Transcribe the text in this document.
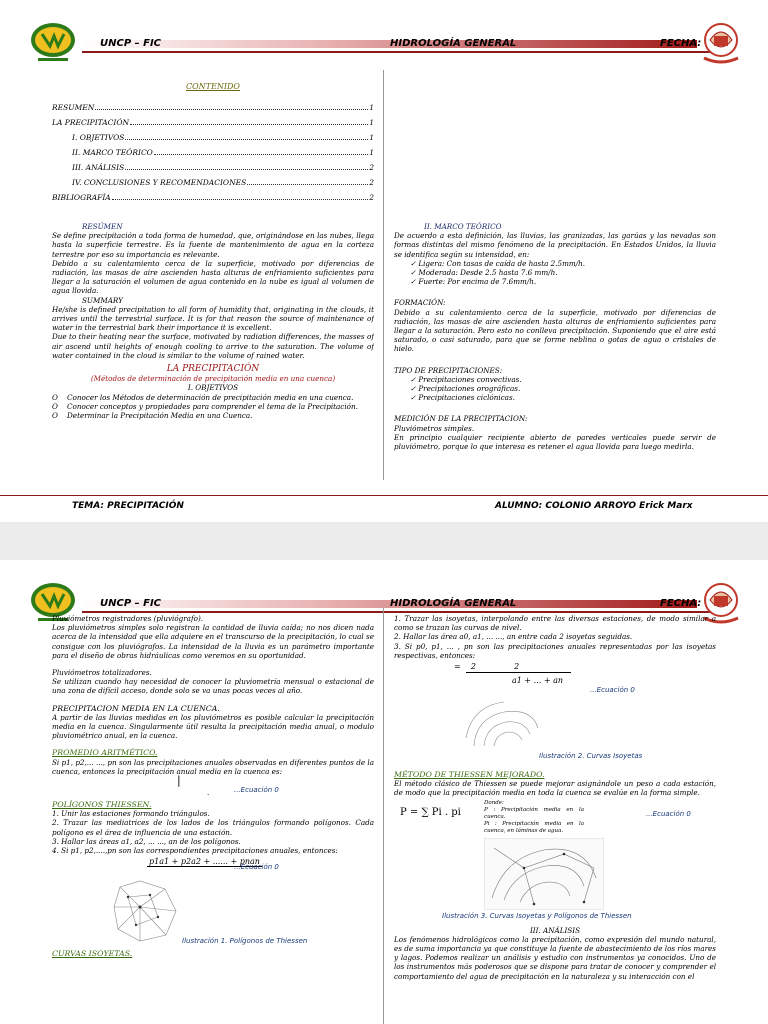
UNCP – FIC	HIDROLOGÍA GENERAL	FECHA:
CONTENIDO
RESUMEN	1
LA PRECIPITACIÓN	1
I. OBJETIVOS	1
II. MARCO TEÓRICO	1
III. ANÁLISIS	2
IV. CONCLUSIONES Y RECOMENDACIONES	2
BIBLIOGRAFÍA	2
RESÚMEN

Se define precipitación a toda forma de humedad, que, originándose en las nubes, llega hasta la superficie terrestre. Es la fuente de mantenimiento de agua en la corteza terrestre por eso su importancia es relevante.

Debido a su calentamiento cerca de la superficie, motivado por diferencias de radiación, las masas de aire ascienden hasta alturas de enfriamiento suficientes para llegar a la saturación el volumen de agua contenido en la nube es igual al volumen de agua llovida.

SUMMARY

He/she is defined precipitation to all form of humidity that, originating in the clouds, it arrives until the terrestrial surface. It is for that reason the source of maintenance of water in the terrestrial bark their importance it is excellent.

Due to their heating near the surface, motivated by radiation differences, the masses of air ascend until heights of enough cooling to arrive to the saturation. The volume of water contained in the cloud is similar to the volume of rained water.

LA PRECIPITACIÓN
(Métodos de determinación de precipitación media en una cuenca)
I. OBJETIVOS
O    Conocer los Métodos de determinación de precipitación media en una cuenca.
O    Conocer conceptos y propiedades para comprender el tema de la Precipitación.
O    Determinar la Precipitación Media en una Cuenca.
II. MARCO TEÓRICO

De acuerdo a esta definición, las lluvias, las granizadas, las garúas y las nevadas son formas distintas del mismo fenómeno de la precipitación. En Estados Unidos, la lluvia se identifica según su intensidad, en:

✓ Ligera: Con tasas de caída de hasta 2.5mm/h.
✓ Moderada: Desde 2.5 hasta 7.6 mm/h.
✓ Fuerte: Por encima de 7.6mm/h.
FORMACIÓN:

Debido a su calentamiento cerca de la superficie, motivado por diferencias de radiación, las masas de aire ascienden hasta alturas de enfriamiento suficientes para llegar a la saturación. Pero esto no conlleva precipitación. Suponiendo que el aire está saturado, o casi saturado, para que se forme neblina o gotas de agua o cristales de hielo.

TIPO DE PRECIPITACIONES:
✓ Precipitaciones convectivas.
✓ Precipitaciones orográficas.
✓ Precipitaciones ciclónicas.
MEDICIÓN DE LA PRECIPITACION:
Pluviómetros simples.

En principio cualquier recipiente abierto de paredes verticales puede servir de pluviómetro, porque lo que interesa es retener el agua llovida para luego medirla.

TEMA: PRECIPITACIÓN	ALUMNO: COLONIO ARROYO Erick Marx
UNCP – FIC	HIDROLOGÍA GENERAL	FECHA:
Pluviómetros registradores (pluviógrafo).

Los pluviómetros simples solo registran la cantidad de lluvia caída; no nos dicen nada acerca de la intensidad que ella adquiere en el transcurso de la precipitación, lo cual se consigue con los pluviógrafos. La intensidad de la lluvia es un parámetro importante para el diseño de obras hidráulicas como veremos en su oportunidad.

Pluviómetros totalizadores.

Se utilizan cuando hay necesidad de conocer la pluviometría mensual o estacional de una zona de difícil acceso, donde solo se va unas pocas veces al año.

PRECIPITACION MEDIA EN LA CUENCA.

A partir de las lluvias medidas en los pluviómetros es posible calcular la precipitación media en la cuenca. Singularmente útil resulta la precipitación media anual, o modulo pluviométrico anual, en la cuenca.

PROMEDIO ARITMÉTICO.

Si p1, p2,... ..., pn son las precipitaciones anuales observadas en diferentes puntos de la cuenca, entonces la precipitación anual media en la cuenca es:

|
·	...Ecuación 0
POLÍGONOS THIESSEN.
1. Unir las estaciones formando triángulos.
2. Trazar las mediatrices de los lados de los triángulos formando polígonos. Cada polígono es el área de influencia de una estación.
3. Hallar las áreas a1, a2, ... ..., an de los polígonos.
4. Si p1, p2,....,pn son las correspondientes precipitaciones anuales, entonces:
p1a1 + p2a2 + ...... + pnan
...Ecuación 0
Ilustración 1. Polígonos de Thiessen
CURVAS ISOYETAS.
1. Trazar las isoyetas, interpolando entre las diversas estaciones, de modo similar a como se trazan las curvas de nivel.
2. Hallar las área a0, a1, ... ..., an entre cada 2 isoyetas seguidas.
3. Si p0, p1, ... , pn son las precipitaciones anuales representadas por las isoyetas respectivas, entonces:
=    2               2
a1 + ... + an
...Ecuación 0
Ilustración 2. Curvas Isoyetas
MÉTODO DE THIESSEN MEJORADO.

El método clásico de Thiessen se puede mejorar asignándole un peso a cada estación, de modo que la precipitación media en toda la cuenca se evalúe en la forma simple.

P = ∑ Pi . pi
Donde:
P : Precipitación media en la cuenca.
Pi : Precipitación media en la cuenca, en láminas de agua.
...Ecuación 0
Ilustración 3. Curvas Isoyetas y Polígonos de Thiessen
III. ANÁLISIS

Los fenómenos hidrológicos como la precipitación, como expresión del mundo natural, es de suma importancia ya que constituye la fuente de abastecimiento de los ríos mares y lagos. Podemos realizar un análisis y estudio con instrumentos ya conocidos. Uno de los instrumentos más poderosos que se dispone para tratar de conocer y comprender el comportamiento del agua de precipitación en la naturaleza y su interacción con el
